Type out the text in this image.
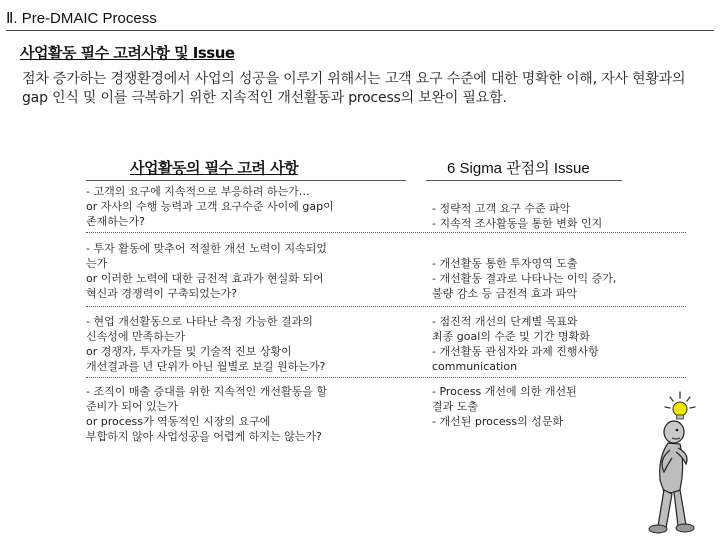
Ⅱ. Pre-DMAIC Process
사업활동 필수 고려사항 및 Issue
점차 증가하는 경쟁환경에서 사업의 성공을 이루기 위해서는 고객 요구 수준에 대한 명확한 이해, 자사 현황과의 gap 인식 및 이를 극복하기 위한 지속적인 개선활동과 process의 보완이 필요함.
사업활동의 필수 고려 사항	6 Sigma 관점의 Issue
- 고객의 요구에 지속적으로 부응하려 하는가…
or 자사의 수행 능력과 고객 요구수준 사이에 gap이
존재하는가?
- 정략적 고객 요구 수준 파악
- 지속적 조사활동을 통한 변화 인지
- 투자 활동에 맞추어 적절한 개선 노력이 지속되었
는가
or 이러한 노력에 대한 금전적 효과가 현실화 되어
혁신과 경쟁력이 구축되었는가?
- 개선활동 통한 투자영역 도출
- 개선활동 결과로 나타나는 이익 증가,
불량 감소 등 금전적 효과 파악
- 현업 개선활동으로 나타난 측정 가능한 결과의
신속성에 만족하는가
or 경쟁자, 투자가들 및 기술적 진보 상황이
개선결과를 년 단위가 아닌 월별로 보길 원하는가?
- 점진적 개선의 단계별 목표와
최종 goal의 수준 및 기간 명확화
- 개선활동 관심자와 과제 진행사항
communication
- 조직이 매출 증대를 위한 지속적인 개선활동을 할
준비가 되어 있는가
or process가 역동적인 시장의 요구에
부합하지 않아 사업성공을 어렵게 하지는 않는가?
- Process 개선에 의한 개선된
결과 도출
- 개선된 process의 성문화
